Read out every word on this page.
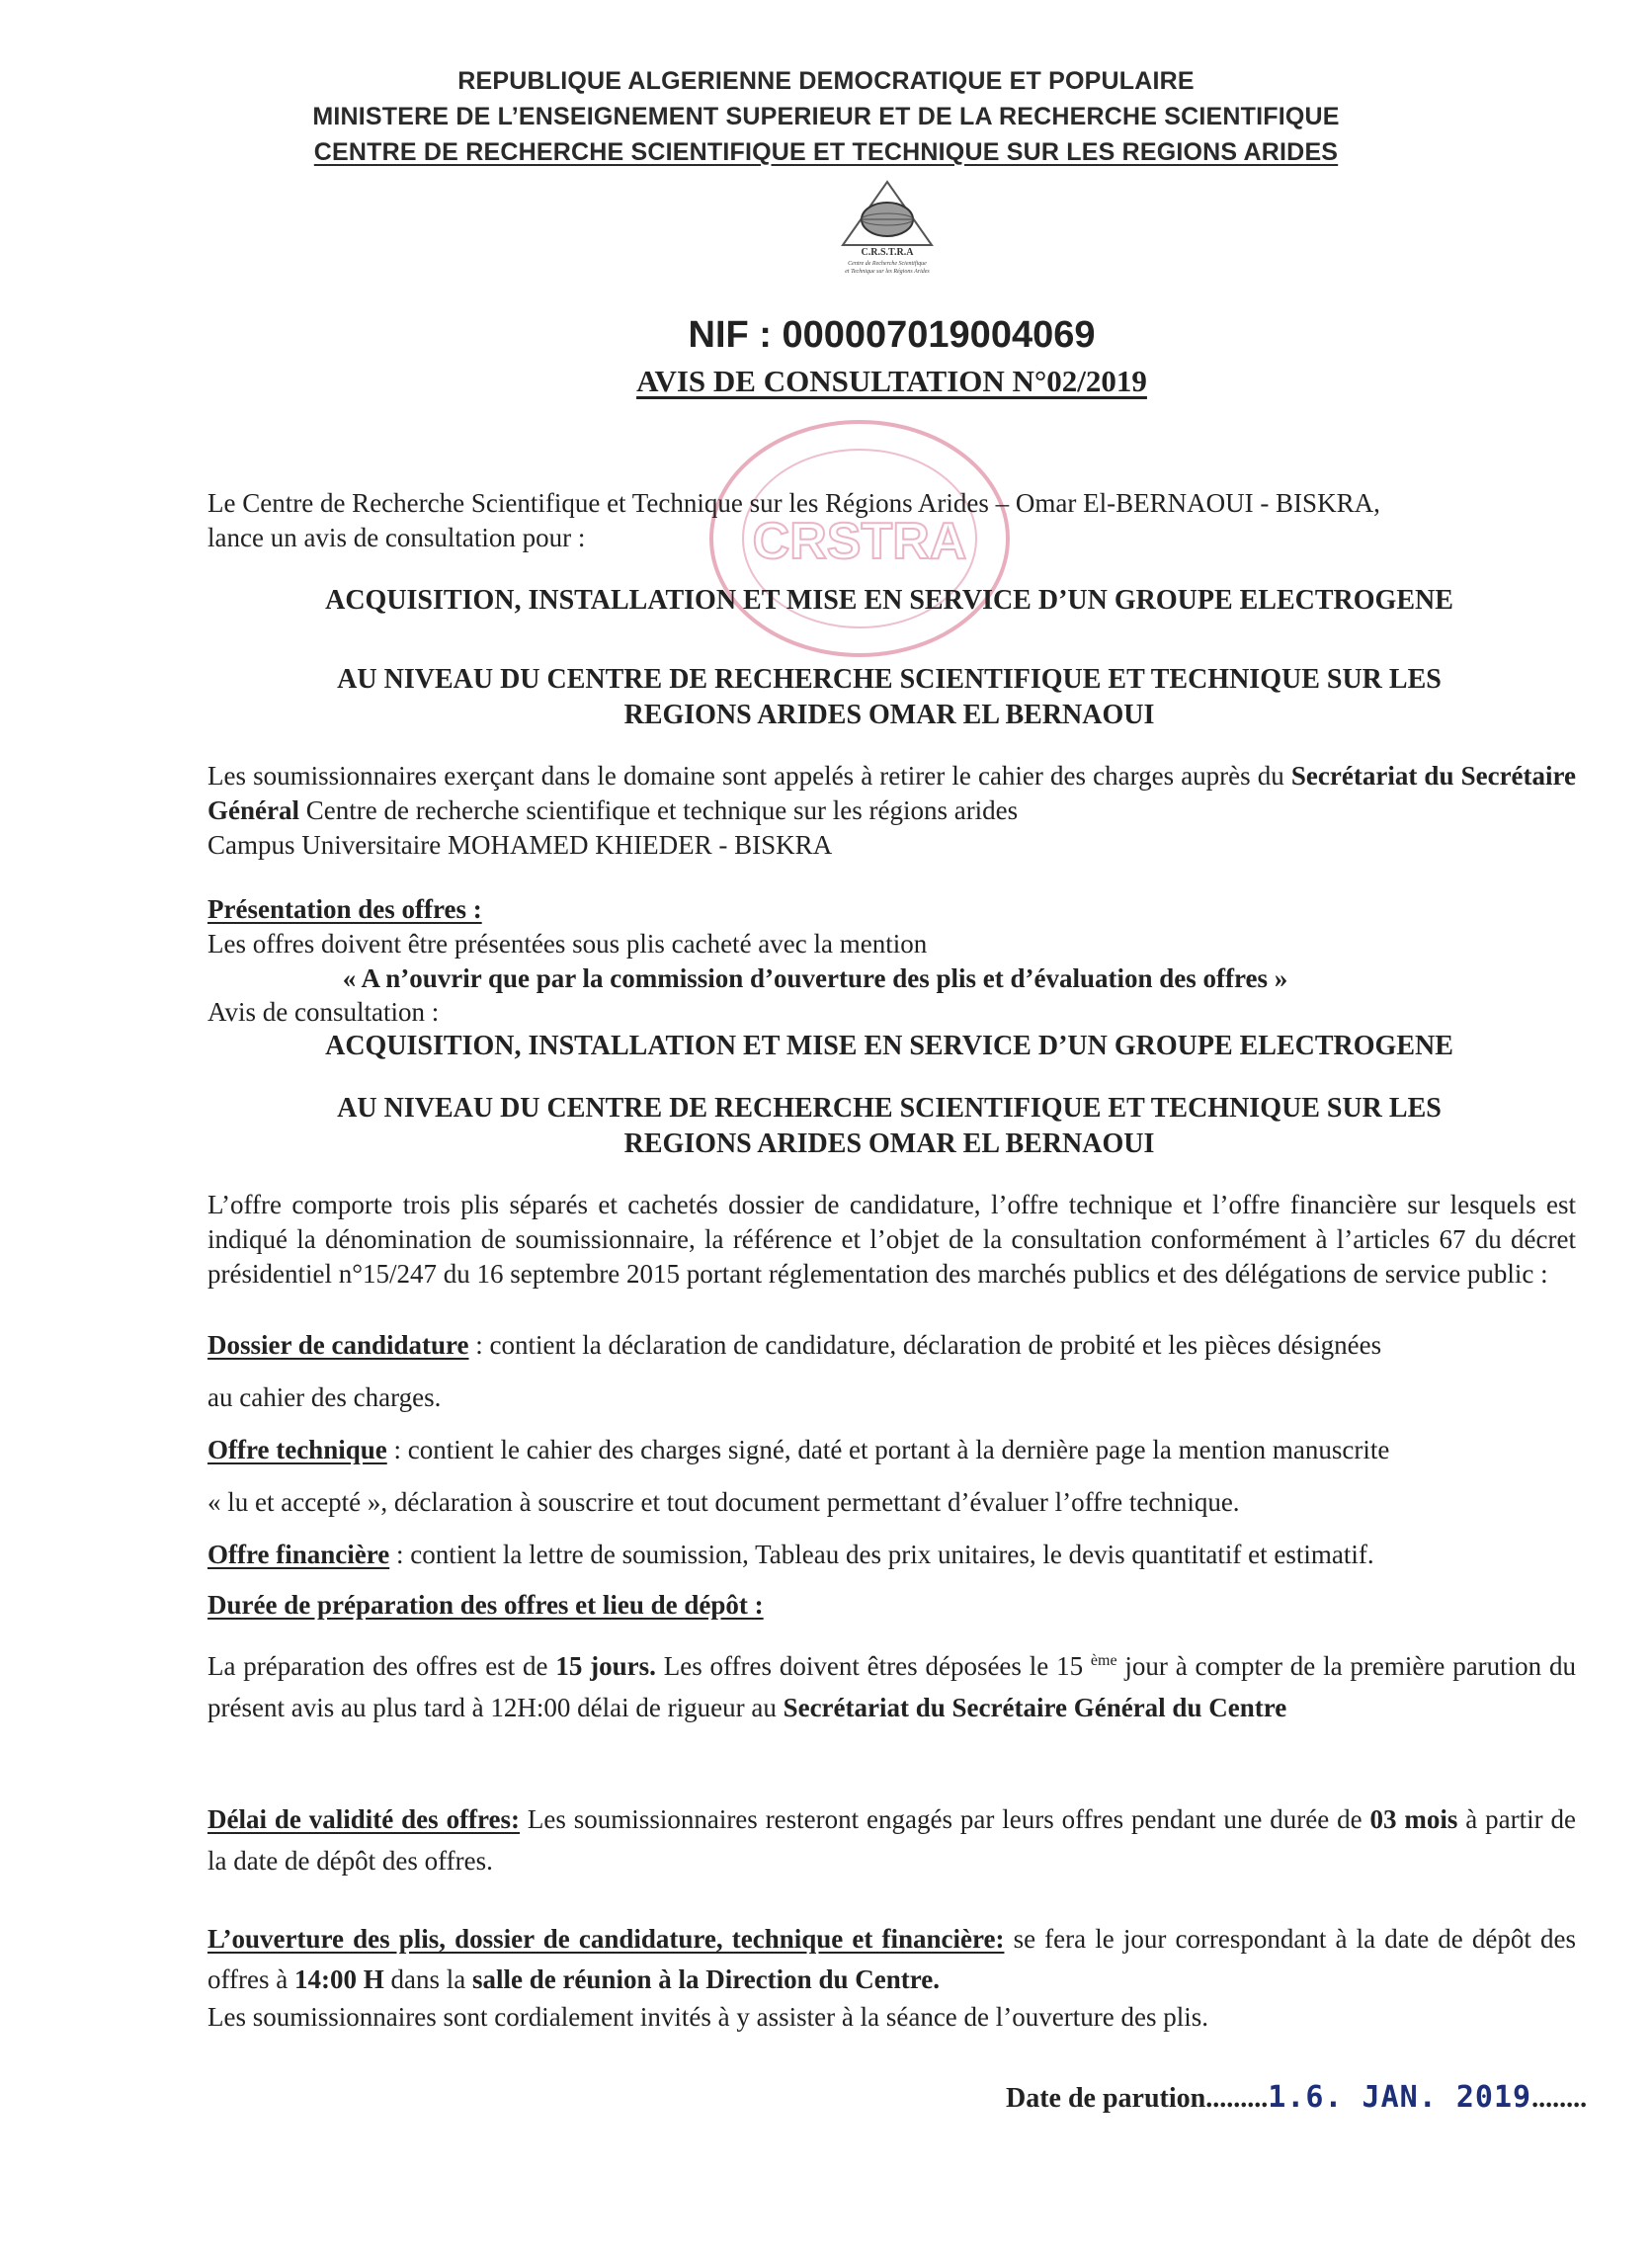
REPUBLIQUE ALGERIENNE DEMOCRATIQUE ET POPULAIRE
MINISTERE DE L’ENSEIGNEMENT SUPERIEUR ET DE LA RECHERCHE SCIENTIFIQUE
CENTRE DE RECHERCHE SCIENTIFIQUE ET TECHNIQUE SUR LES REGIONS ARIDES
C.R.S.T.R.A
Centre de Recherche Scientifique
et Technique sur les Régions Arides
NIF : 000007019004069
AVIS DE CONSULTATION N°02/2019
CRSTRA
Le Centre de Recherche Scientifique et Technique sur les Régions Arides – Omar El-BERNAOUI - BISKRA,
lance un avis de consultation pour :
ACQUISITION, INSTALLATION ET MISE EN SERVICE D’UN GROUPE ELECTROGENE
AU NIVEAU DU CENTRE DE RECHERCHE SCIENTIFIQUE ET TECHNIQUE SUR LES
REGIONS ARIDES OMAR EL BERNAOUI
Les soumissionnaires exerçant dans le domaine sont appelés à retirer le cahier des charges auprès du Secrétariat du Secrétaire Général Centre de recherche scientifique et technique sur les régions arides
Campus Universitaire MOHAMED KHIEDER - BISKRA
Présentation des offres :
Les offres doivent être présentées sous plis cacheté avec la mention
« A n’ouvrir que par la commission d’ouverture des plis et d’évaluation des offres »
Avis de consultation :
ACQUISITION, INSTALLATION ET MISE EN SERVICE D’UN GROUPE ELECTROGENE
AU NIVEAU DU CENTRE DE RECHERCHE SCIENTIFIQUE ET TECHNIQUE SUR LES
REGIONS ARIDES OMAR EL BERNAOUI
L’offre comporte trois plis séparés et cachetés dossier de candidature, l’offre technique et l’offre financière sur lesquels est indiqué la dénomination de soumissionnaire, la référence et l’objet de la consultation conformément à l’articles 67 du décret présidentiel n°15/247 du 16 septembre 2015 portant réglementation des marchés publics et des délégations de service public :
Dossier de candidature : contient la déclaration de candidature, déclaration de probité et les pièces désignées
au cahier des charges.
Offre technique : contient le cahier des charges signé, daté et portant à la dernière page la mention manuscrite
« lu et accepté », déclaration à souscrire et tout document permettant d’évaluer l’offre technique.
Offre financière : contient la lettre de soumission, Tableau des prix unitaires, le devis quantitatif et estimatif.
Durée de préparation des offres et lieu de dépôt :
La préparation des offres est de 15 jours. Les offres doivent êtres déposées le 15 $^{ème}$ jour à compter de la première parution du présent avis au plus tard à 12H:00 délai de rigueur au Secrétariat du Secrétaire Général du Centre
Délai de validité des offres: Les soumissionnaires resteront engagés par leurs offres pendant une durée de 03 mois à partir de la date de dépôt des offres.
L’ouverture des plis, dossier de candidature, technique et financière: se fera le jour correspondant à la date de dépôt des offres à 14:00 H dans la salle de réunion à la Direction du Centre.
Les soumissionnaires sont cordialement invités à y assister à la séance de l’ouverture des plis.
Date de parution.........1.6. JAN. 2019........
